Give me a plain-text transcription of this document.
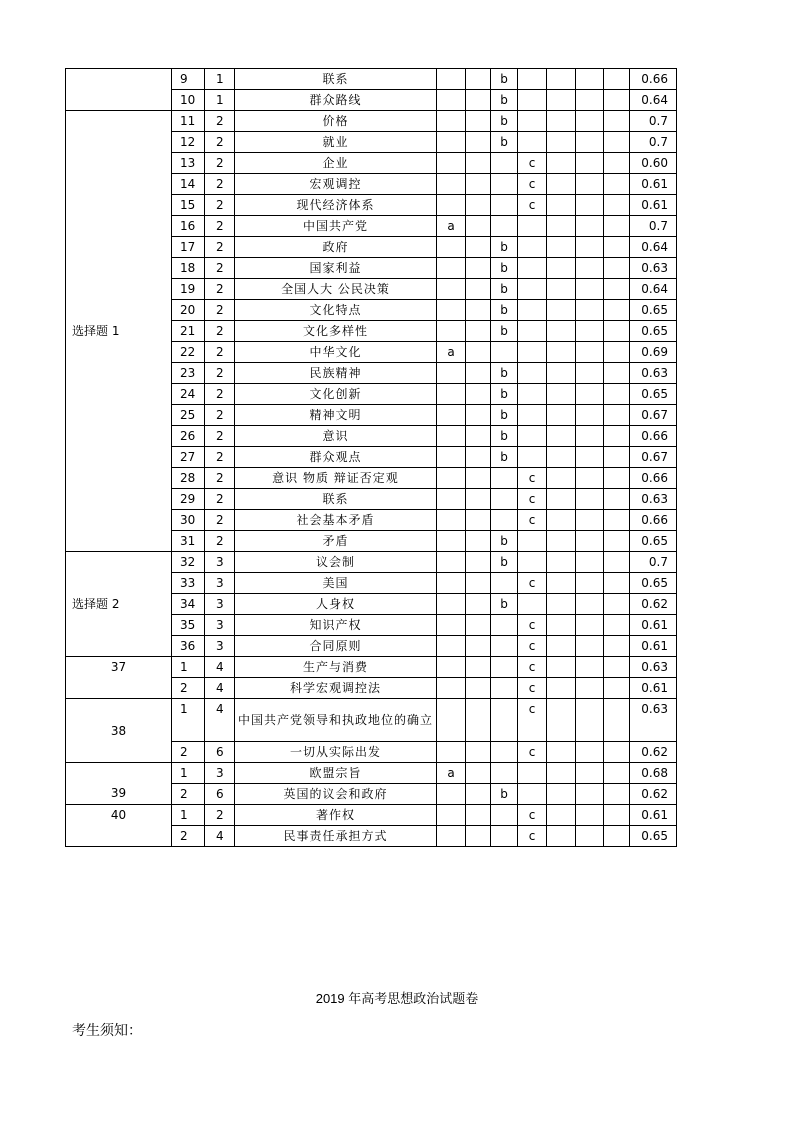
	9	1	联系			b					0.66
	10	1	群众路线			b					0.64
选择题 1	11	2	价格			b					0.7
	12	2	就业			b					0.7
	13	2	企业				c				0.60
	14	2	宏观调控				c				0.61
	15	2	现代经济体系				c				0.61
	16	2	中国共产党	a							0.7
	17	2	政府			b					0.64
	18	2	国家利益			b					0.63
	19	2	全国人大 公民决策			b					0.64
	20	2	文化特点			b					0.65
	21	2	文化多样性			b					0.65
	22	2	中华文化	a							0.69
	23	2	民族精神			b					0.63
	24	2	文化创新			b					0.65
	25	2	精神文明			b					0.67
	26	2	意识			b					0.66
	27	2	群众观点			b					0.67
	28	2	意识 物质 辩证否定观				c				0.66
	29	2	联系				c				0.63
	30	2	社会基本矛盾				c				0.66
	31	2	矛盾			b					0.65
选择题 2	32	3	议会制			b					0.7
	33	3	美国				c				0.65
	34	3	人身权			b					0.62
	35	3	知识产权				c				0.61
	36	3	合同原则				c				0.61
37	1	4	生产与消费				c				0.63
	2	4	科学宏观调控法				c				0.61
38	1	4	中国共产党领导和执政地位的确立				c				0.63
	2	6	一切从实际出发				c				0.62
39	1	3	欧盟宗旨	a							0.68
	2	6	英国的议会和政府			b					0.62
40	1	2	著作权				c				0.61
	2	4	民事责任承担方式				c				0.65
2019 年高考思想政治试题卷
考生须知：
